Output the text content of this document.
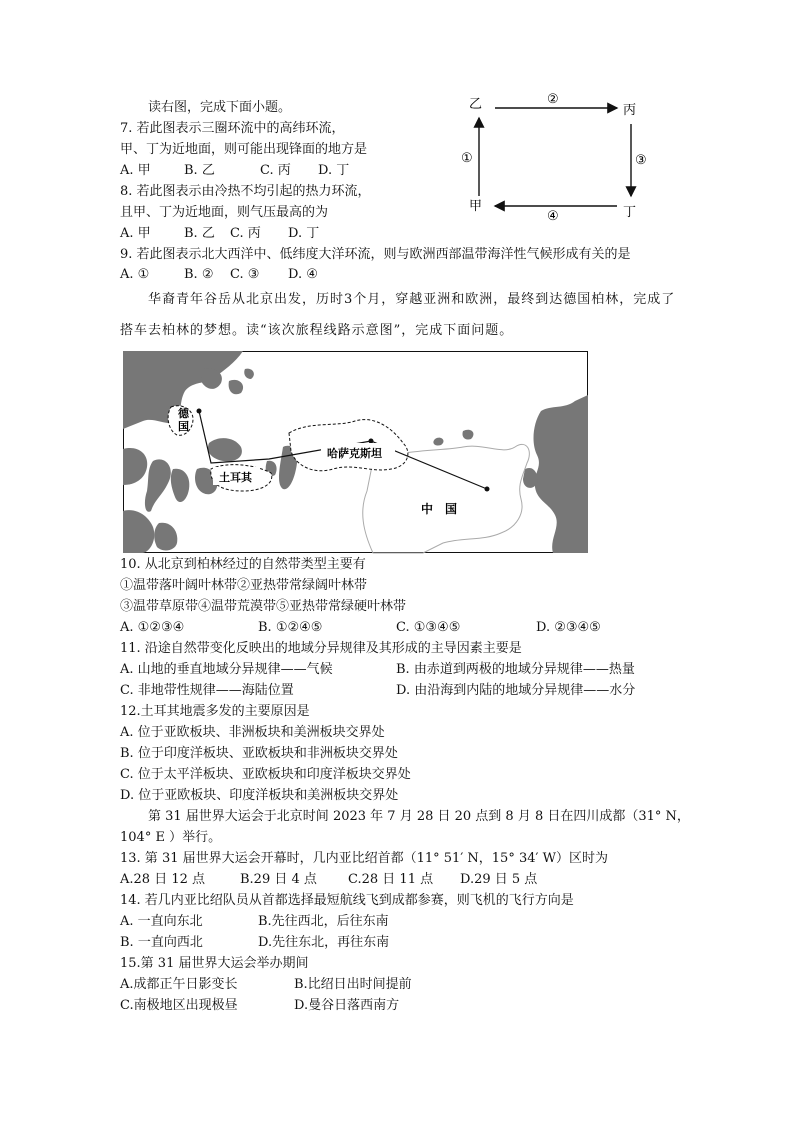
读右图，完成下面小题。
7. 若此图表示三圈环流中的高纬环流，
甲、丁为近地面，则可能出现锋面的地方是
A. 甲	B. 乙	C. 丙 D. 丁
8. 若此图表示由冷热不均引起的热力环流，
且甲、丁为近地面，则气压最高的为
A. 甲	B. 乙 C. 丙 D. 丁
9. 若此图表示北大西洋中、低纬度大洋环流，则与欧洲西部温带海洋性气候形成有关的是
A. ①	B. ② C. ③ D. ④
乙	丙
甲	丁
②
③
④
①
华裔青年谷岳从北京出发，历时3个月，穿越亚洲和欧洲，最终到达德国柏林，完成了
搭车去柏林的梦想。读“该次旅程线路示意图”，完成下面问题。
德
国
土耳其
哈萨克斯坦
中　国
10. 从北京到柏林经过的自然带类型主要有
①温带落叶阔叶林带②亚热带常绿阔叶林带
③温带草原带④温带荒漠带⑤亚热带常绿硬叶林带
A. ①②③④	B. ①②④⑤	C. ①③④⑤	D. ②③④⑤
11. 沿途自然带变化反映出的地域分异规律及其形成的主导因素主要是
A. 山地的垂直地域分异规律——气候	B. 由赤道到两极的地域分异规律——热量
C. 非地带性规律——海陆位置	D. 由沿海到内陆的地域分异规律——水分
12.土耳其地震多发的主要原因是
A. 位于亚欧板块、非洲板块和美洲板块交界处
B. 位于印度洋板块、亚欧板块和非洲板块交界处
C. 位于太平洋板块、亚欧板块和印度洋板块交界处
D. 位于亚欧板块、印度洋板块和美洲板块交界处
第 31 届世界大运会于北京时间 2023 年 7 月 28 日 20 点到 8 月 8 日在四川成都（31° N，
104° E ）举行。
13. 第 31 届世界大运会开幕时，几内亚比绍首都（11° 51′ N，15° 34′ W）区时为
A.28 日 12 点	B.29 日 4 点 C.28 日 11 点 D.29 日 5 点
14. 若几内亚比绍队员从首都选择最短航线飞到成都参赛，则飞机的飞行方向是
A. 一直向东北	B.先往西北，后往东南
B. 一直向西北	D.先往东北，再往东南
15.第 31 届世界大运会举办期间
A.成都正午日影变长	B.比绍日出时间提前
C.南极地区出现极昼	D.曼谷日落西南方
